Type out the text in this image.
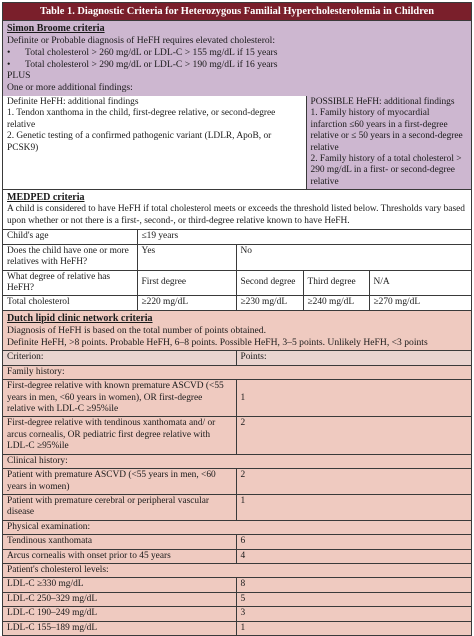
Table 1. Diagnostic Criteria for Heterozygous Familial Hypercholesterolemia in Children
Simon Broome criteria
Definite or Probable diagnosis of HeFH requires elevated cholesterol:
• Total cholesterol > 260 mg/dL or LDL-C > 155 mg/dL if 15 years
• Total cholesterol > 290 mg/dL or LDL-C > 190 mg/dL if 16 years
PLUS
One or more additional findings:
Definite HeFH: additional findings
1. Tendon xanthoma in the child, first-degree relative, or second-degree relative
2. Genetic testing of a confirmed pathogenic variant (LDLR, ApoB, or PCSK9)

POSSIBLE HeFH: additional findings
1. Family history of myocardial infarction ≤60 years in a first-degree relative or ≤ 50 years in a second-degree relative
2. Family history of a total cholesterol > 290 mg/dL in a first- or second-degree relative
MEDPED criteria
A child is considered to have HeFH if total cholesterol meets or exceeds the threshold listed below. Thresholds vary based upon whether or not there is a first-, second-, or third-degree relative known to have HeFH.
Child's age	≤19 years			
Does the child have one or more relatives with HeFH?	Yes	No		
What degree of relative has HeFH?	First degree	Second degree	Third degree	N/A
Total cholesterol	≥220 mg/dL	≥230 mg/dL	≥240 mg/dL	≥270 mg/dL
Dutch lipid clinic network criteria
Diagnosis of HeFH is based on the total number of points obtained.
Definite HeFH, >8 points. Probable HeFH, 6–8 points. Possible HeFH, 3–5 points. Unlikely HeFH, <3 points
Criterion:	Points:
Family history:	
First-degree relative with known premature ASCVD (<55 years in men, <60 years in women), OR first-degree relative with LDL-C ≥95%ile	1
First-degree relative with tendinous xanthomata and/ or arcus cornealis, OR pediatric first degree relative with LDL-C ≥95%ile	2
Clinical history:	
Patient with premature ASCVD (<55 years in men, <60 years in women)	2
Patient with premature cerebral or peripheral vascular disease	1
Physical examination:	
Tendinous xanthomata	6
Arcus cornealis with onset prior to 45 years	4
Patient's cholesterol levels:	
LDL-C ≥330 mg/dL	8
LDL-C 250–329 mg/dL	5
LDL-C 190–249 mg/dL	3
LDL-C 155–189 mg/dL	1
